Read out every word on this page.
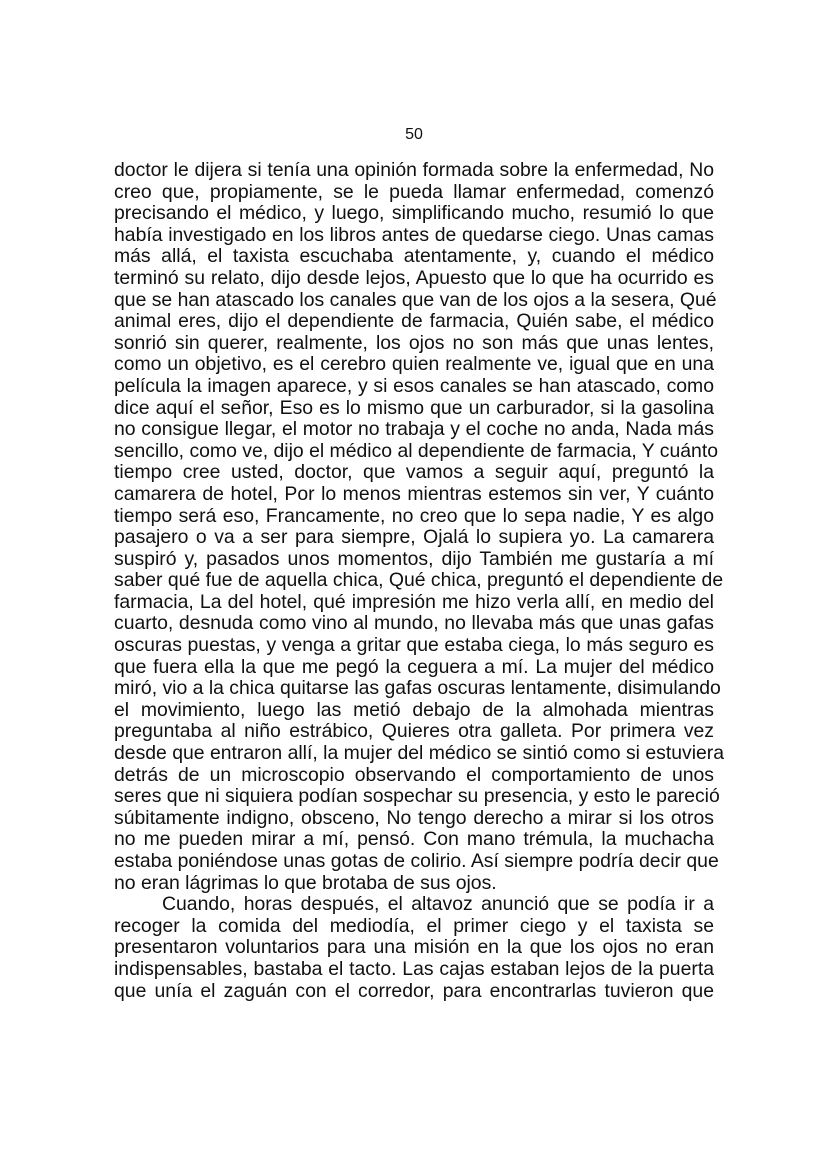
50
doctor le dijera si tenía una opinión formada sobre la enfermedad, No
creo que, propiamente, se le pueda llamar enfermedad, comenzó
precisando el médico, y luego, simplificando mucho, resumió lo que
había investigado en los libros antes de quedarse ciego. Unas camas
más allá, el taxista escuchaba atentamente, y, cuando el médico
terminó su relato, dijo desde lejos, Apuesto que lo que ha ocurrido es
que se han atascado los canales que van de los ojos a la sesera, Qué
animal eres, dijo el dependiente de farmacia, Quién sabe, el médico
sonrió sin querer, realmente, los ojos no son más que unas lentes,
como un objetivo, es el cerebro quien realmente ve, igual que en una
película la imagen aparece, y si esos canales se han atascado, como
dice aquí el señor, Eso es lo mismo que un carburador, si la gasolina
no consigue llegar, el motor no trabaja y el coche no anda, Nada más
sencillo, como ve, dijo el médico al dependiente de farmacia, Y cuánto
tiempo cree usted, doctor, que vamos a seguir aquí, preguntó la
camarera de hotel, Por lo menos mientras estemos sin ver, Y cuánto
tiempo será eso, Francamente, no creo que lo sepa nadie, Y es algo
pasajero o va a ser para siempre, Ojalá lo supiera yo. La camarera
suspiró y, pasados unos momentos, dijo También me gustaría a mí
saber qué fue de aquella chica, Qué chica, preguntó el dependiente de
farmacia, La del hotel, qué impresión me hizo verla allí, en medio del
cuarto, desnuda como vino al mundo, no llevaba más que unas gafas
oscuras puestas, y venga a gritar que estaba ciega, lo más seguro es
que fuera ella la que me pegó la ceguera a mí. La mujer del médico
miró, vio a la chica quitarse las gafas oscuras lentamente, disimulando
el movimiento, luego las metió debajo de la almohada mientras
preguntaba al niño estrábico, Quieres otra galleta. Por primera vez
desde que entraron allí, la mujer del médico se sintió como si estuviera
detrás de un microscopio observando el comportamiento de unos
seres que ni siquiera podían sospechar su presencia, y esto le pareció
súbitamente indigno, obsceno, No tengo derecho a mirar si los otros
no me pueden mirar a mí, pensó. Con mano trémula, la muchacha
estaba poniéndose unas gotas de colirio. Así siempre podría decir que
no eran lágrimas lo que brotaba de sus ojos.
Cuando, horas después, el altavoz anunció que se podía ir a
recoger la comida del mediodía, el primer ciego y el taxista se
presentaron voluntarios para una misión en la que los ojos no eran
indispensables, bastaba el tacto. Las cajas estaban lejos de la puerta
que unía el zaguán con el corredor, para encontrarlas tuvieron que
